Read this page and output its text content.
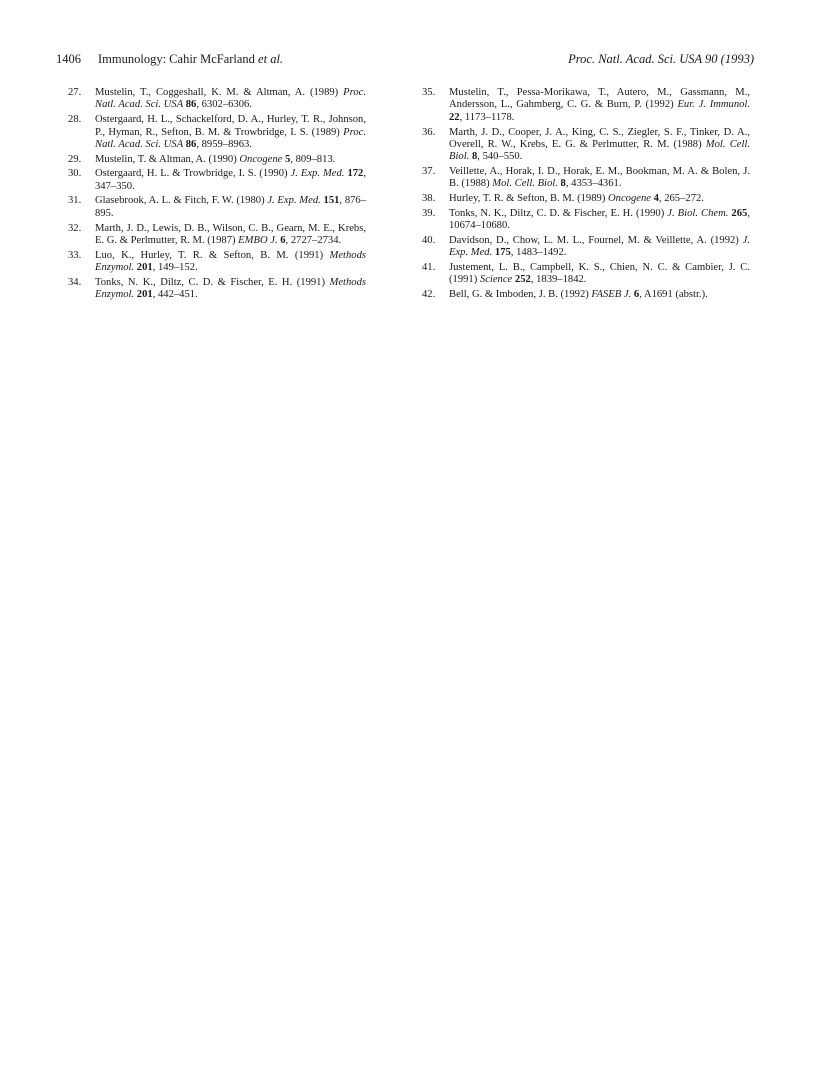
1406 Immunology: Cahir McFarland et al.	Proc. Natl. Acad. Sci. USA 90 (1993)
27. Mustelin, T., Coggeshall, K. M. & Altman, A. (1989) Proc. Natl. Acad. Sci. USA 86, 6302–6306.
28. Ostergaard, H. L., Schackelford, D. A., Hurley, T. R., Johnson, P., Hyman, R., Sefton, B. M. & Trowbridge, I. S. (1989) Proc. Natl. Acad. Sci. USA 86, 8959–8963.
29. Mustelin, T. & Altman, A. (1990) Oncogene 5, 809–813.
30. Ostergaard, H. L. & Trowbridge, I. S. (1990) J. Exp. Med. 172, 347–350.
31. Glasebrook, A. L. & Fitch, F. W. (1980) J. Exp. Med. 151, 876–895.
32. Marth, J. D., Lewis, D. B., Wilson, C. B., Gearn, M. E., Krebs, E. G. & Perlmutter, R. M. (1987) EMBO J. 6, 2727–2734.
33. Luo, K., Hurley, T. R. & Sefton, B. M. (1991) Methods Enzymol. 201, 149–152.
34. Tonks, N. K., Diltz, C. D. & Fischer, E. H. (1991) Methods Enzymol. 201, 442–451.
35. Mustelin, T., Pessa-Morikawa, T., Autero, M., Gassmann, M., Andersson, L., Gahmberg, C. G. & Burn, P. (1992) Eur. J. Immunol. 22, 1173–1178.
36. Marth, J. D., Cooper, J. A., King, C. S., Ziegler, S. F., Tinker, D. A., Overell, R. W., Krebs, E. G. & Perlmutter, R. M. (1988) Mol. Cell. Biol. 8, 540–550.
37. Veillette, A., Horak, I. D., Horak, E. M., Bookman, M. A. & Bolen, J. B. (1988) Mol. Cell. Biol. 8, 4353–4361.
38. Hurley, T. R. & Sefton, B. M. (1989) Oncogene 4, 265–272.
39. Tonks, N. K., Diltz, C. D. & Fischer, E. H. (1990) J. Biol. Chem. 265, 10674–10680.
40. Davidson, D., Chow, L. M. L., Fournel, M. & Veillette, A. (1992) J. Exp. Med. 175, 1483–1492.
41. Justement, L. B., Campbell, K. S., Chien, N. C. & Cambier, J. C. (1991) Science 252, 1839–1842.
42. Bell, G. & Imboden, J. B. (1992) FASEB J. 6, A1691 (abstr.).
